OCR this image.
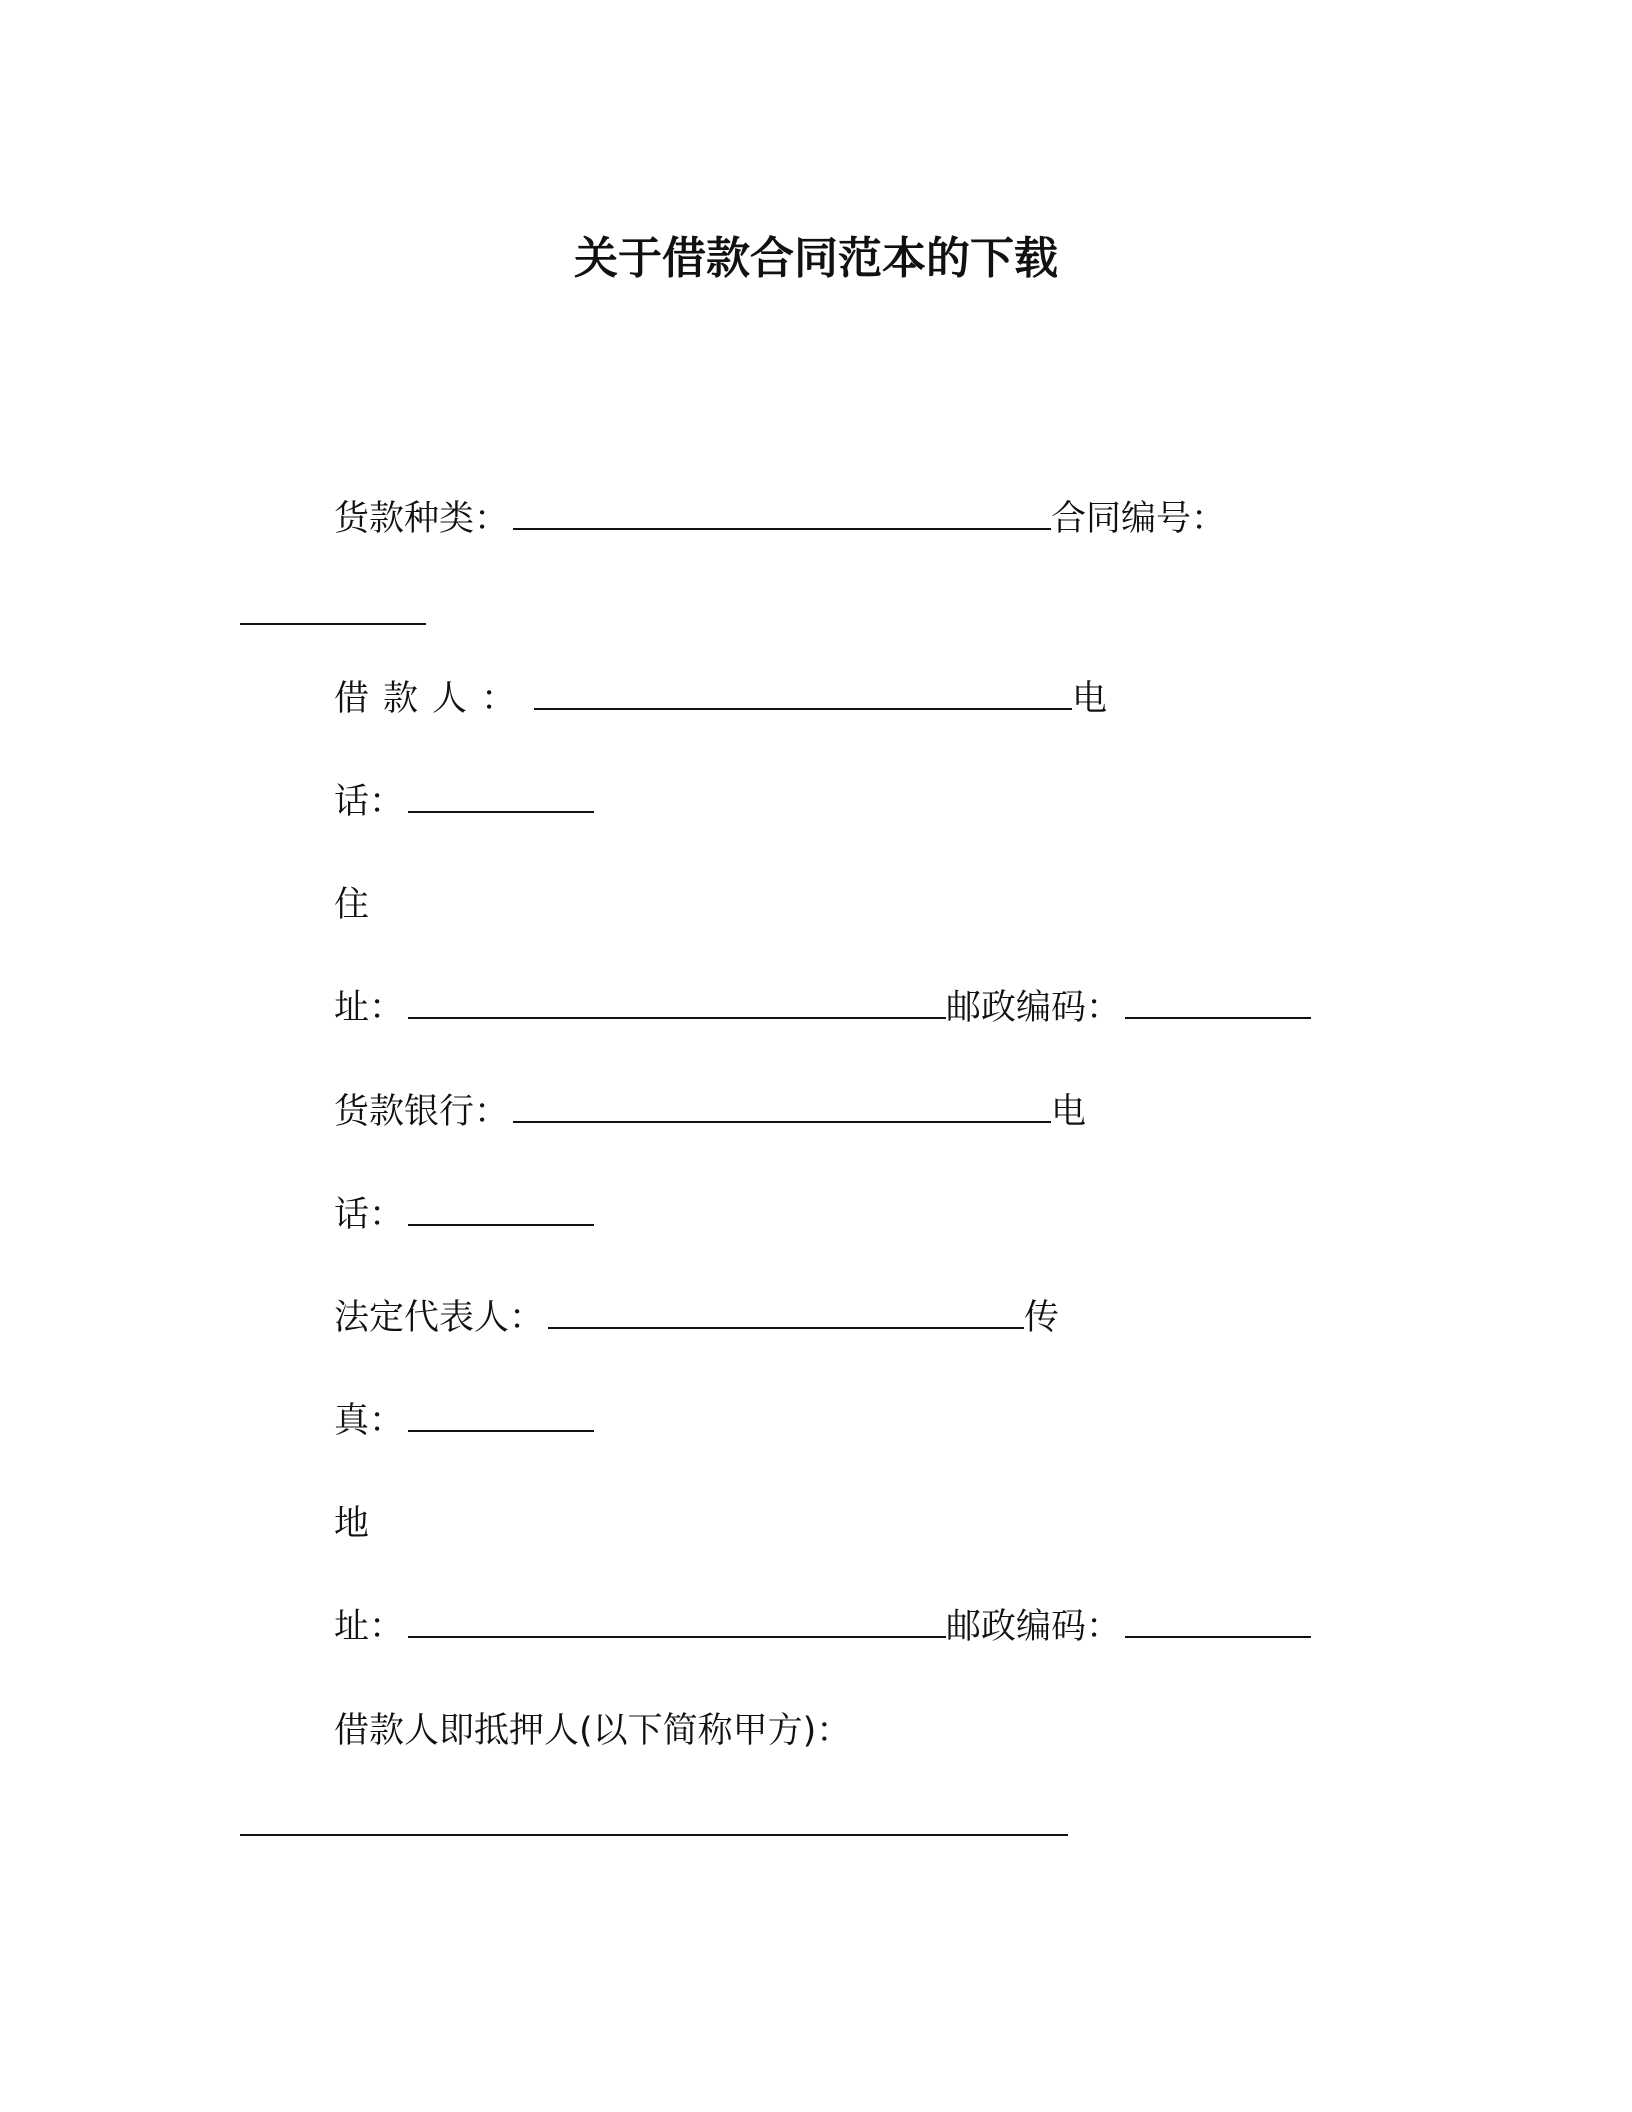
关于借款合同范本的下载
货款种类：	合同编号：
借款人：	电
话：
住
址：	邮政编码：
货款银行：	电
话：
法定代表人：	传
真：
地
址：	邮政编码：
借款人即抵押人(以下简称甲方)：
